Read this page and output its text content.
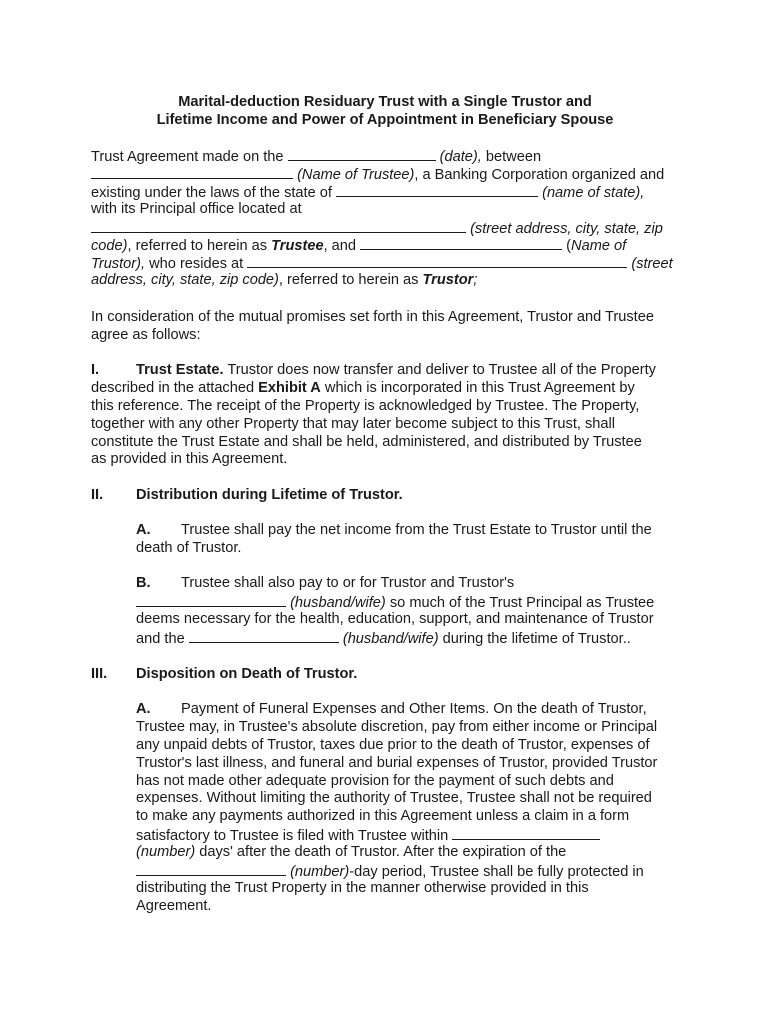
Marital-deduction Residuary Trust with a Single Trustor and
Lifetime Income and Power of Appointment in Beneficiary Spouse
Trust Agreement made on the	(date), between
(Name of Trustee), a Banking Corporation organized and
existing under the laws of the state of	(name of state),
with its Principal office located at
(street address, city, state, zip
code), referred to herein as Trustee, and	(Name of
Trustor), who resides at	(street
address, city, state, zip code), referred to herein as Trustor;
In consideration of the mutual promises set forth in this Agreement, Trustor and Trustee
agree as follows:
I.	Trust Estate. Trustor does now transfer and deliver to Trustee all of the Property
described in the attached Exhibit A which is incorporated in this Trust Agreement by
this reference. The receipt of the Property is acknowledged by Trustee. The Property,
together with any other Property that may later become subject to this Trust, shall
constitute the Trust Estate and shall be held, administered, and distributed by Trustee
as provided in this Agreement.
II. Distribution during Lifetime of Trustor.
A. Trustee shall pay the net income from the Trust Estate to Trustor until the
death of Trustor.
B. Trustee shall also pay to or for Trustor and Trustor's
(husband/wife) so much of the Trust Principal as Trustee
deems necessary for the health, education, support, and maintenance of Trustor
and the	(husband/wife) during the lifetime of Trustor..
III. Disposition on Death of Trustor.
A. Payment of Funeral Expenses and Other Items. On the death of Trustor,
Trustee may, in Trustee's absolute discretion, pay from either income or Principal
any unpaid debts of Trustor, taxes due prior to the death of Trustor, expenses of
Trustor's last illness, and funeral and burial expenses of Trustor, provided Trustor
has not made other adequate provision for the payment of such debts and
expenses. Without limiting the authority of Trustee, Trustee shall not be required
to make any payments authorized in this Agreement unless a claim in a form
satisfactory to Trustee is filed with Trustee within
(number) days' after the death of Trustor. After the expiration of the
(number)-day period, Trustee shall be fully protected in
distributing the Trust Property in the manner otherwise provided in this
Agreement.
